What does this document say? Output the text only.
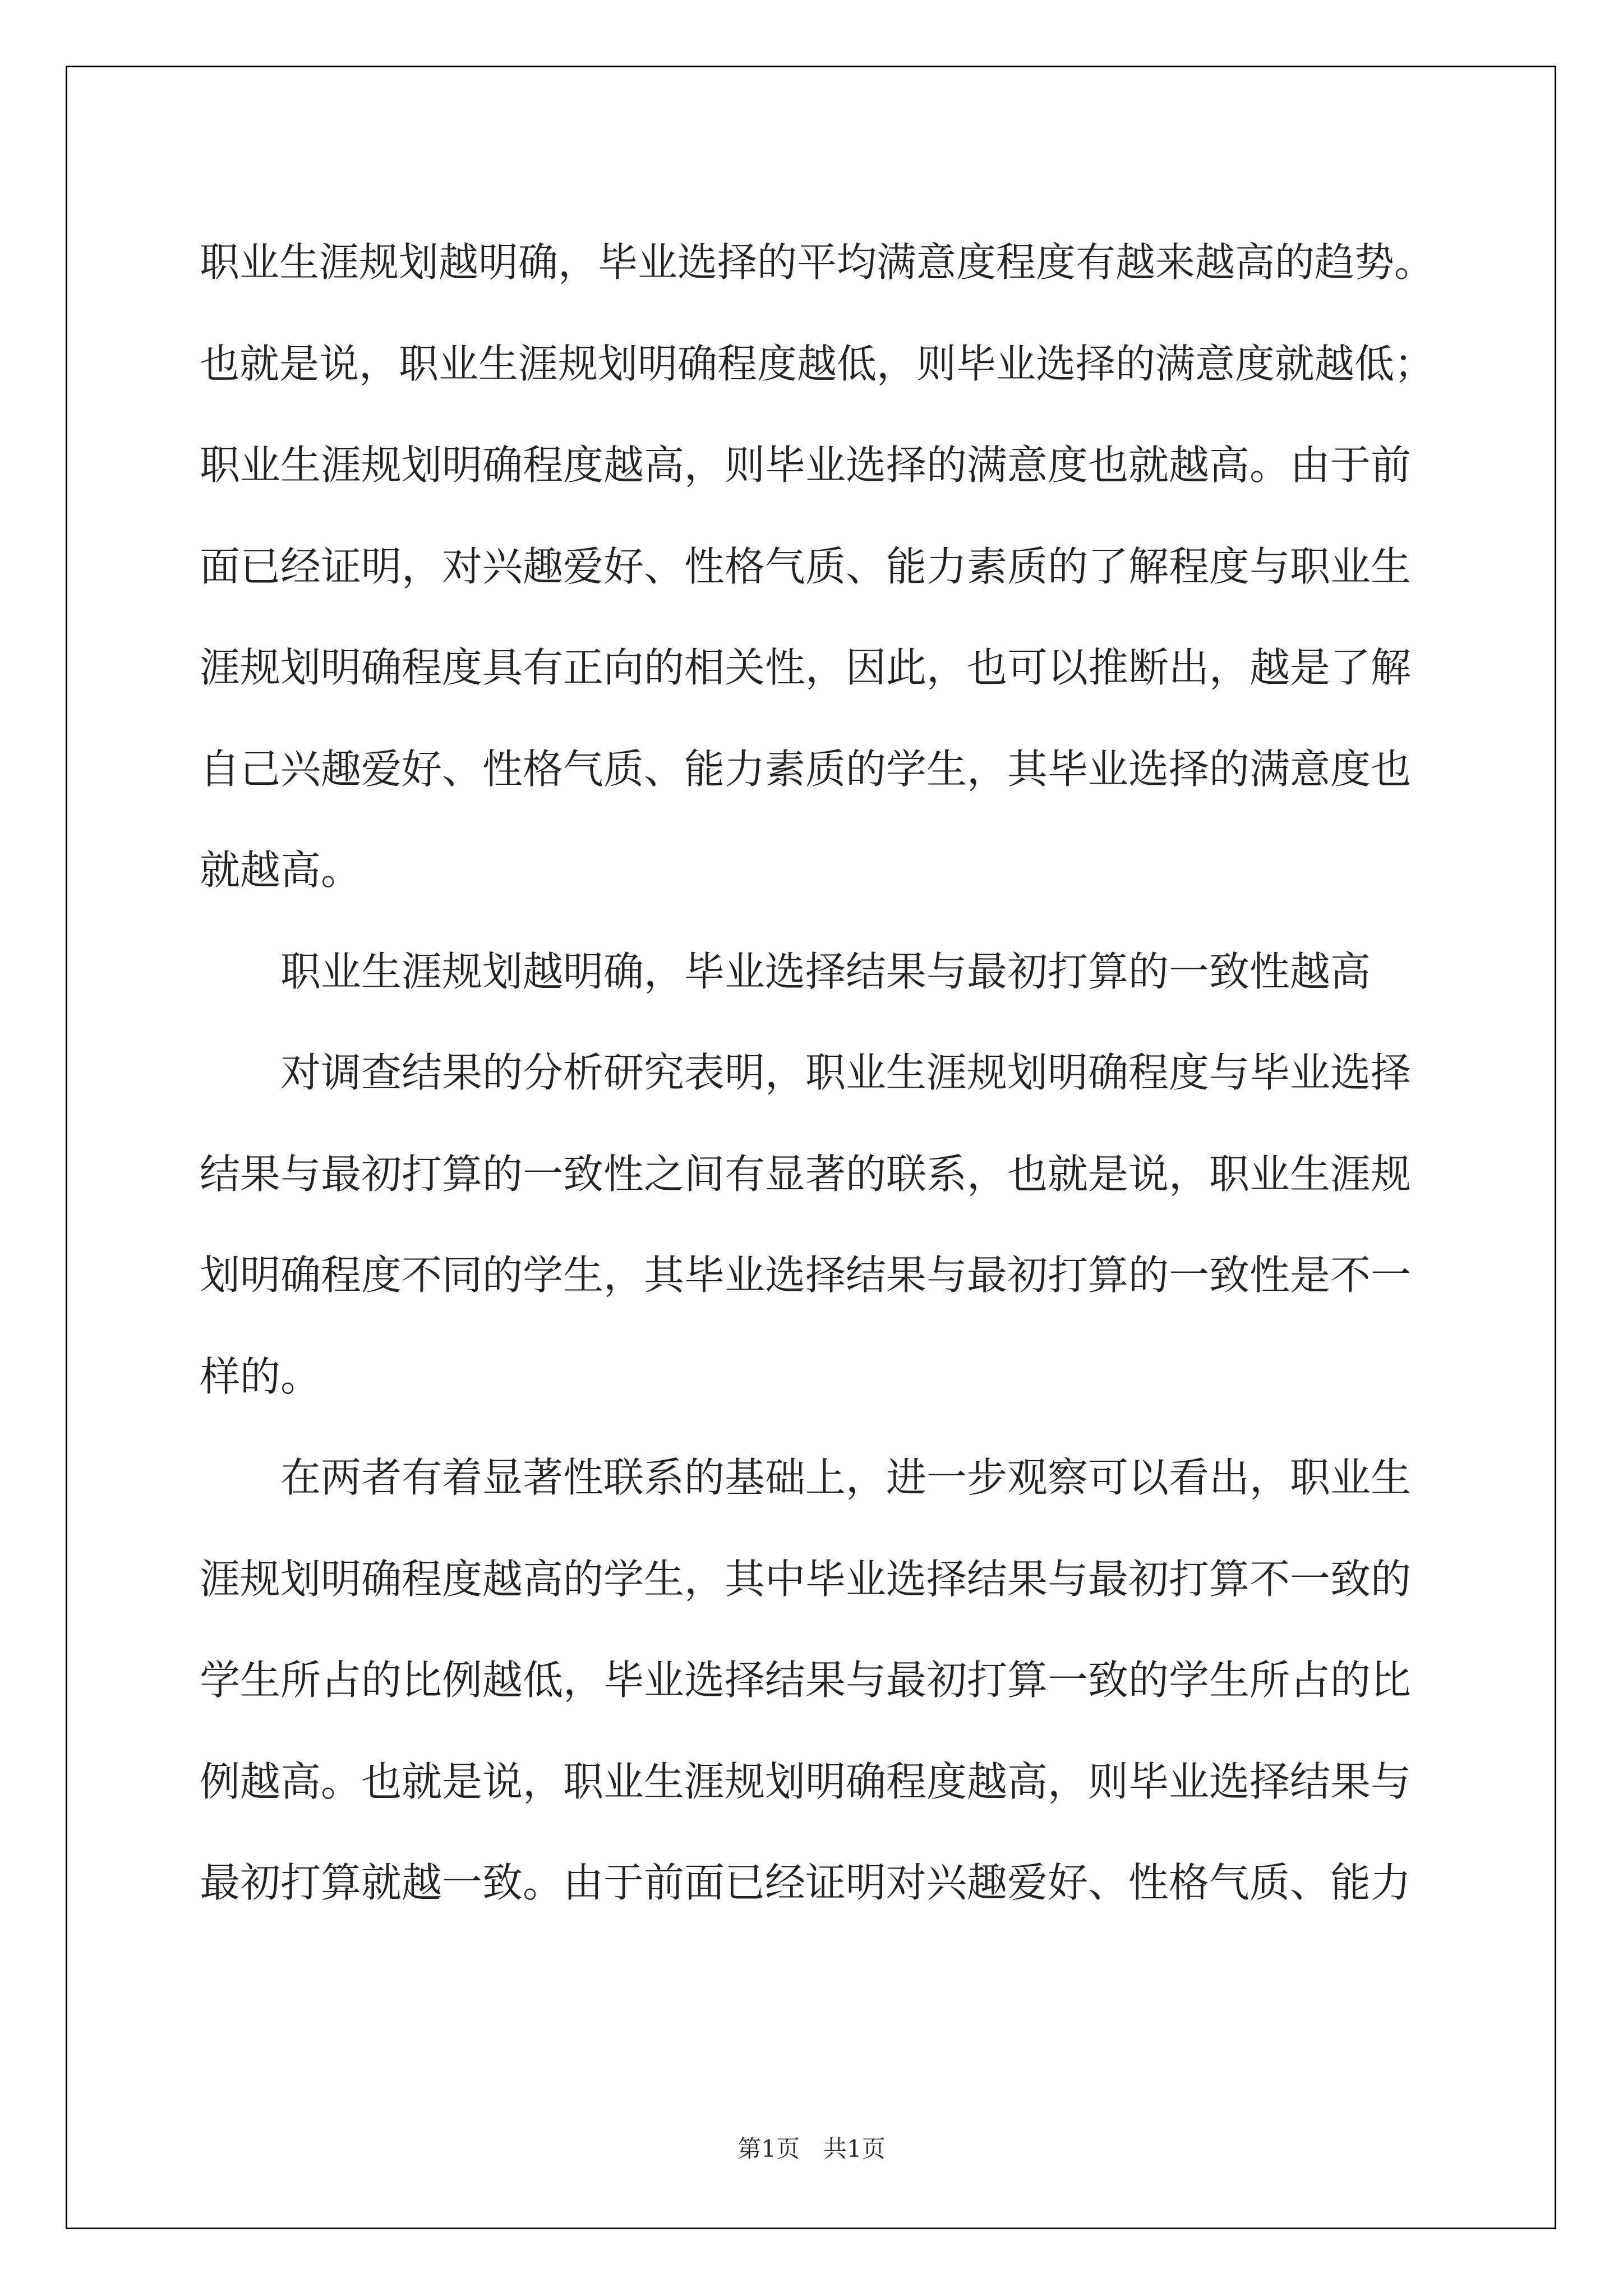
职业生涯规划越明确，毕业选择的平均满意度程度有越来越高的趋势。
也就是说，职业生涯规划明确程度越低，则毕业选择的满意度就越低；
职业生涯规划明确程度越高，则毕业选择的满意度也就越高。由于前
面已经证明，对兴趣爱好、性格气质、能力素质的了解程度与职业生
涯规划明确程度具有正向的相关性，因此，也可以推断出，越是了解
自己兴趣爱好、性格气质、能力素质的学生，其毕业选择的满意度也
就越高。
职业生涯规划越明确，毕业选择结果与最初打算的一致性越高
对调查结果的分析研究表明，职业生涯规划明确程度与毕业选择
结果与最初打算的一致性之间有显著的联系，也就是说，职业生涯规
划明确程度不同的学生，其毕业选择结果与最初打算的一致性是不一
样的。
在两者有着显著性联系的基础上，进一步观察可以看出，职业生
涯规划明确程度越高的学生，其中毕业选择结果与最初打算不一致的
学生所占的比例越低，毕业选择结果与最初打算一致的学生所占的比
例越高。也就是说，职业生涯规划明确程度越高，则毕业选择结果与
最初打算就越一致。由于前面已经证明对兴趣爱好、性格气质、能力
第1页　共1页
